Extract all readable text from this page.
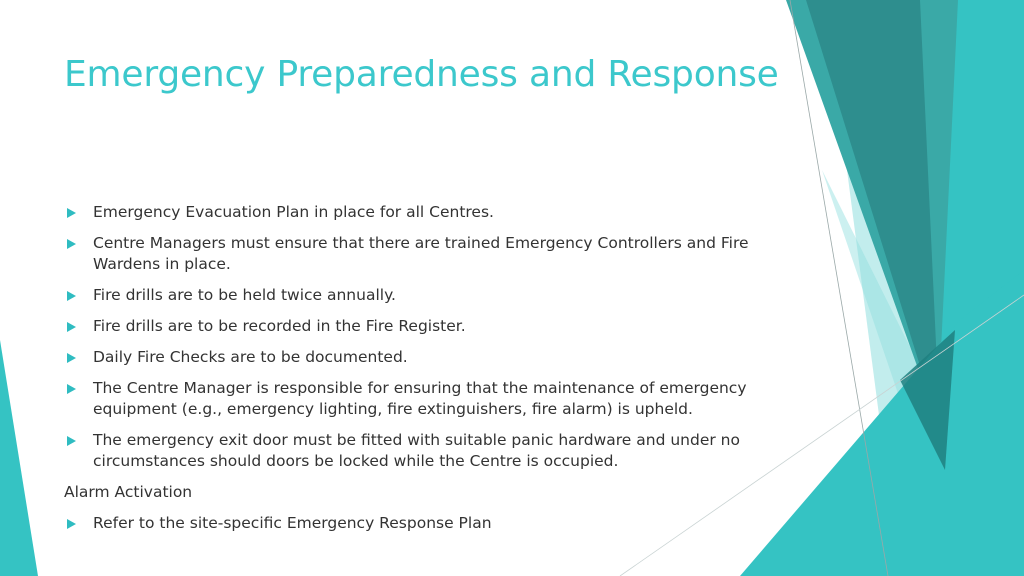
Emergency Preparedness and Response
Emergency Evacuation Plan in place for all Centres.
Centre Managers must ensure that there are trained Emergency Controllers and Fire Wardens in place.
Fire drills are to be held twice annually.
Fire drills are to be recorded in the Fire Register.
Daily Fire Checks are to be documented.
The Centre Manager is responsible for ensuring that the maintenance of emergency equipment (e.g., emergency lighting, fire extinguishers, fire alarm) is upheld.
The emergency exit door must be fitted with suitable panic hardware and under no circumstances should doors be locked while the Centre is occupied.
Alarm Activation
Refer to the site-specific Emergency Response Plan
